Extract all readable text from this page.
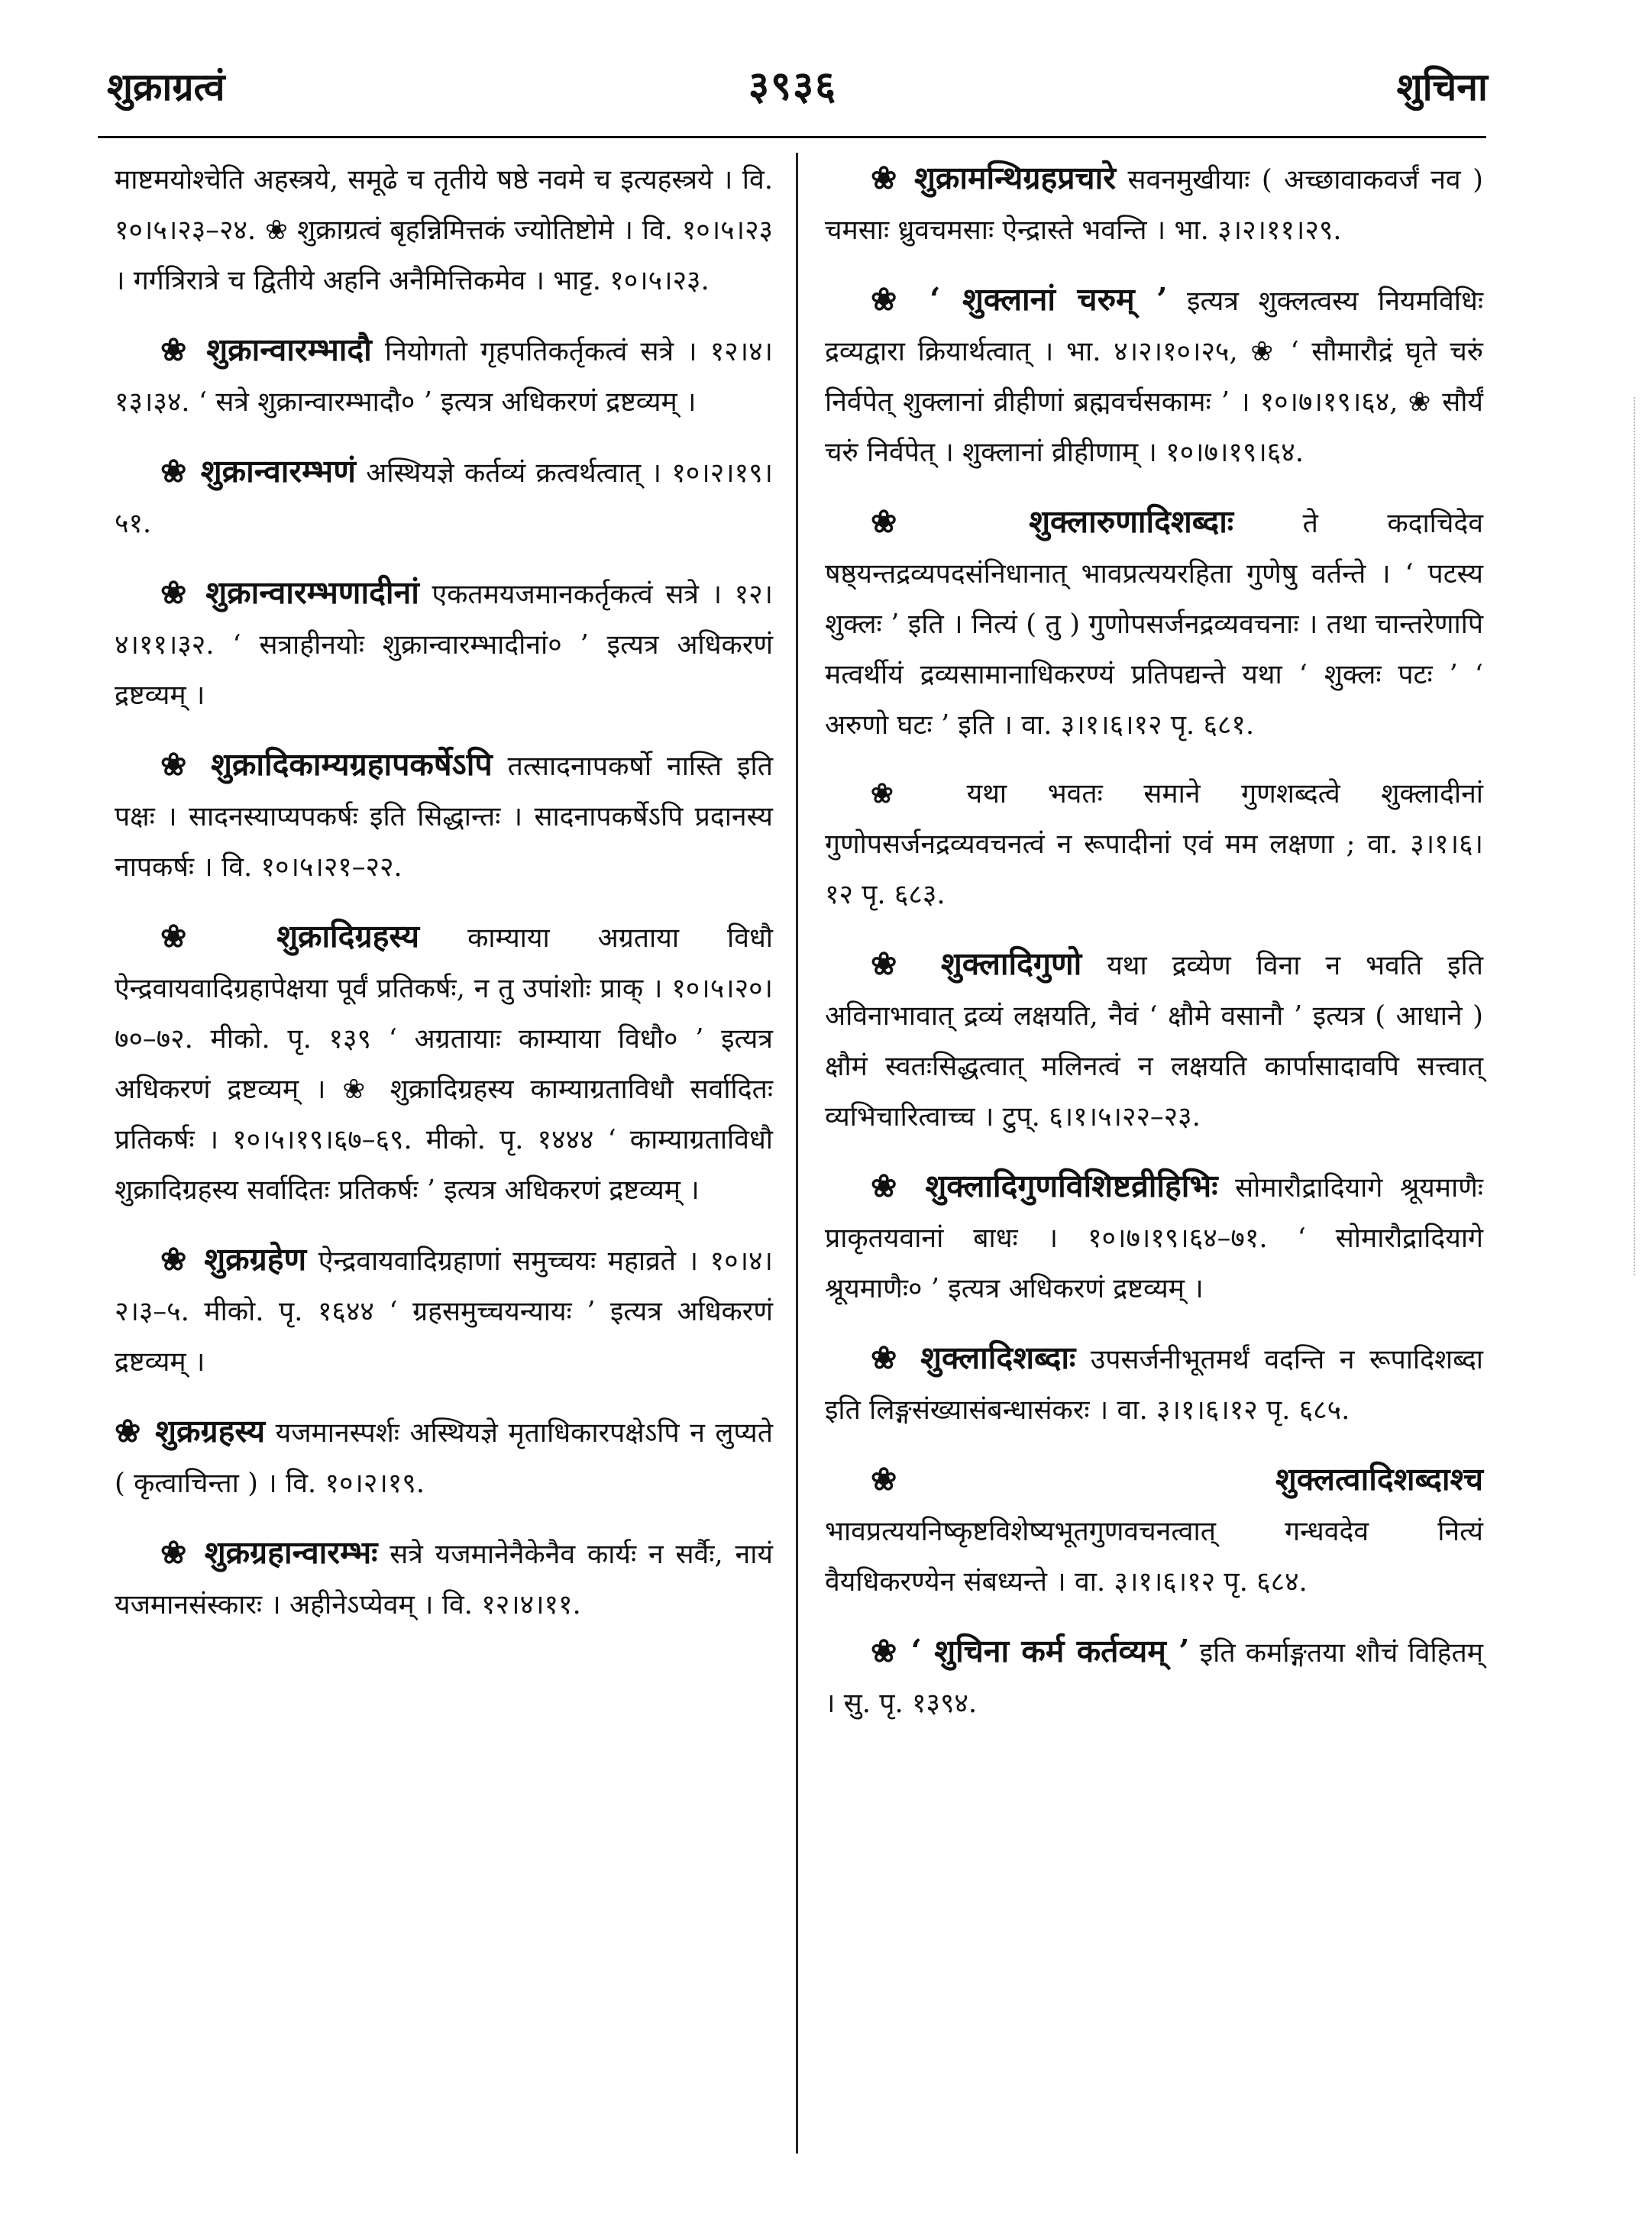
शुक्राग्रत्वं	३९३६	शुचिना

माष्टमयोश्चेति अहस्त्रये, समूढे च तृतीये षष्ठे नवमे च इत्यहस्त्रये । वि. १०।५।२३–२४. ❀ शुक्राग्रत्वं बृहन्निमित्तकं ज्योतिष्टोमे । वि. १०।५।२३ । गर्गत्रिरात्रे च द्वितीये अहनि अनैमित्तिकमेव । भाट्ट. १०।५।२३.

❀ शुक्रान्वारम्भादौ नियोगतो गृहपतिकर्तृकत्वं सत्रे । १२।४।१३।३४. ‘ सत्रे शुक्रान्वारम्भादौ० ’ इत्यत्र अधिकरणं द्रष्टव्यम् ।

❀ शुक्रान्वारम्भणं अस्थियज्ञे कर्तव्यं क्रत्वर्थत्वात् । १०।२।१९।५१.

❀ शुक्रान्वारम्भणादीनां एकतमयजमानकर्तृकत्वं सत्रे । १२।४।११।३२. ‘ सत्राहीनयोः शुक्रान्वारम्भादीनां० ’ इत्यत्र अधिकरणं द्रष्टव्यम् ।

❀ शुक्रादिकाम्यग्रहापकर्षेऽपि तत्सादनापकर्षो नास्ति इति पक्षः । सादनस्याप्यपकर्षः इति सिद्धान्तः । सादनापकर्षेऽपि प्रदानस्य नापकर्षः । वि. १०।५।२१–२२.

❀ शुक्रादिग्रहस्य काम्याया अग्रताया विधौ ऐन्द्रवायवादिग्रहापेक्षया पूर्वं प्रतिकर्षः, न तु उपांशोः प्राक् । १०।५।२०।७०–७२. मीको. पृ. १३९ ‘ अग्रतायाः काम्याया विधौ० ’ इत्यत्र अधिकरणं द्रष्टव्यम् । ❀ शुक्रादिग्रहस्य काम्याग्रताविधौ सर्वादितः प्रतिकर्षः । १०।५।१९।६७–६९. मीको. पृ. १४४४ ‘ काम्याग्रताविधौ शुक्रादिग्रहस्य सर्वादितः प्रतिकर्षः ’ इत्यत्र अधिकरणं द्रष्टव्यम् ।

❀ शुक्रग्रहेण ऐन्द्रवायवादिग्रहाणां समुच्चयः महाव्रते । १०।४।२।३–५. मीको. पृ. १६४४ ‘ ग्रहसमुच्चयन्यायः ’ इत्यत्र अधिकरणं द्रष्टव्यम् ।

❀ शुक्रग्रहस्य यजमानस्पर्शः अस्थियज्ञे मृताधिकारपक्षेऽपि न लुप्यते ( कृत्वाचिन्ता ) । वि. १०।२।१९.

❀ शुक्रग्रहान्वारम्भः सत्रे यजमानेनैकेनैव कार्यः न सर्वैः, नायं यजमानसंस्कारः । अहीनेऽप्येवम् । वि. १२।४।११.

❀ शुक्रामन्थिग्रहप्रचारे सवनमुखीयाः ( अच्छावाकवर्जं नव ) चमसाः ध्रुवचमसाः ऐन्द्रास्ते भवन्ति । भा. ३।२।११।२९.

❀ ‘ शुक्लानां चरुम् ’ इत्यत्र शुक्लत्वस्य नियमविधिः द्रव्यद्वारा क्रियार्थत्वात् । भा. ४।२।१०।२५, ❀ ‘ सौमारौद्रं घृते चरुं निर्वपेत् शुक्लानां व्रीहीणां ब्रह्मवर्चसकामः ’ । १०।७।१९।६४, ❀ सौर्यं चरुं निर्वपेत् । शुक्लानां व्रीहीणाम् । १०।७।१९।६४.

❀ शुक्लारुणादिशब्दाः	ते कदाचिदेव षष्ठ्यन्तद्रव्यपदसंनिधानात् भावप्रत्ययरहिता गुणेषु वर्तन्ते । ‘ पटस्य शुक्लः ’ इति । नित्यं ( तु ) गुणोपसर्जनद्रव्यवचनाः । तथा चान्तरेणापि मत्वर्थीयं द्रव्यसामानाधिकरण्यं प्रतिपद्यन्ते यथा ‘ शुक्लः पटः ’ ‘ अरुणो घटः ’ इति । वा. ३।१।६।१२ पृ. ६८१.

❀ यथा भवतः समाने गुणशब्दत्वे शुक्लादीनां गुणोपसर्जनद्रव्यवचनत्वं न रूपादीनां एवं मम लक्षणा ; वा. ३।१।६।१२ पृ. ६८३.

❀ शुक्लादिगुणो यथा द्रव्येण विना न भवति इति अविनाभावात् द्रव्यं लक्षयति, नैवं ‘ क्षौमे वसानौ ’ इत्यत्र ( आधाने ) क्षौमं स्वतःसिद्धत्वात् मलिनत्वं न लक्षयति कार्पासादावपि सत्त्वात् व्यभिचारित्वाच्च । टुप्. ६।१।५।२२–२३.

❀ शुक्लादिगुणविशिष्टव्रीहिभिः सोमारौद्रादियागे श्रूयमाणैः प्राकृतयवानां बाधः । १०।७।१९।६४–७१. ‘ सोमारौद्रादियागे श्रूयमाणैः० ’ इत्यत्र अधिकरणं द्रष्टव्यम् ।

❀ शुक्लादिशब्दाः उपसर्जनीभूतमर्थं वदन्ति न रूपादिशब्दा इति लिङ्गसंख्यासंबन्धासंकरः । वा. ३।१।६।१२ पृ. ६८५.

❀ शुक्लत्वादिशब्दाश्च भावप्रत्ययनिष्कृष्टविशेष्यभूतगुणवचनत्वात् गन्धवदेव नित्यं वैयधिकरण्येन संबध्यन्ते । वा. ३।१।६।१२ पृ. ६८४.

❀ ‘ शुचिना कर्म कर्तव्यम् ’ इति कर्माङ्गतया शौचं विहितम् । सु. पृ. १३९४.
